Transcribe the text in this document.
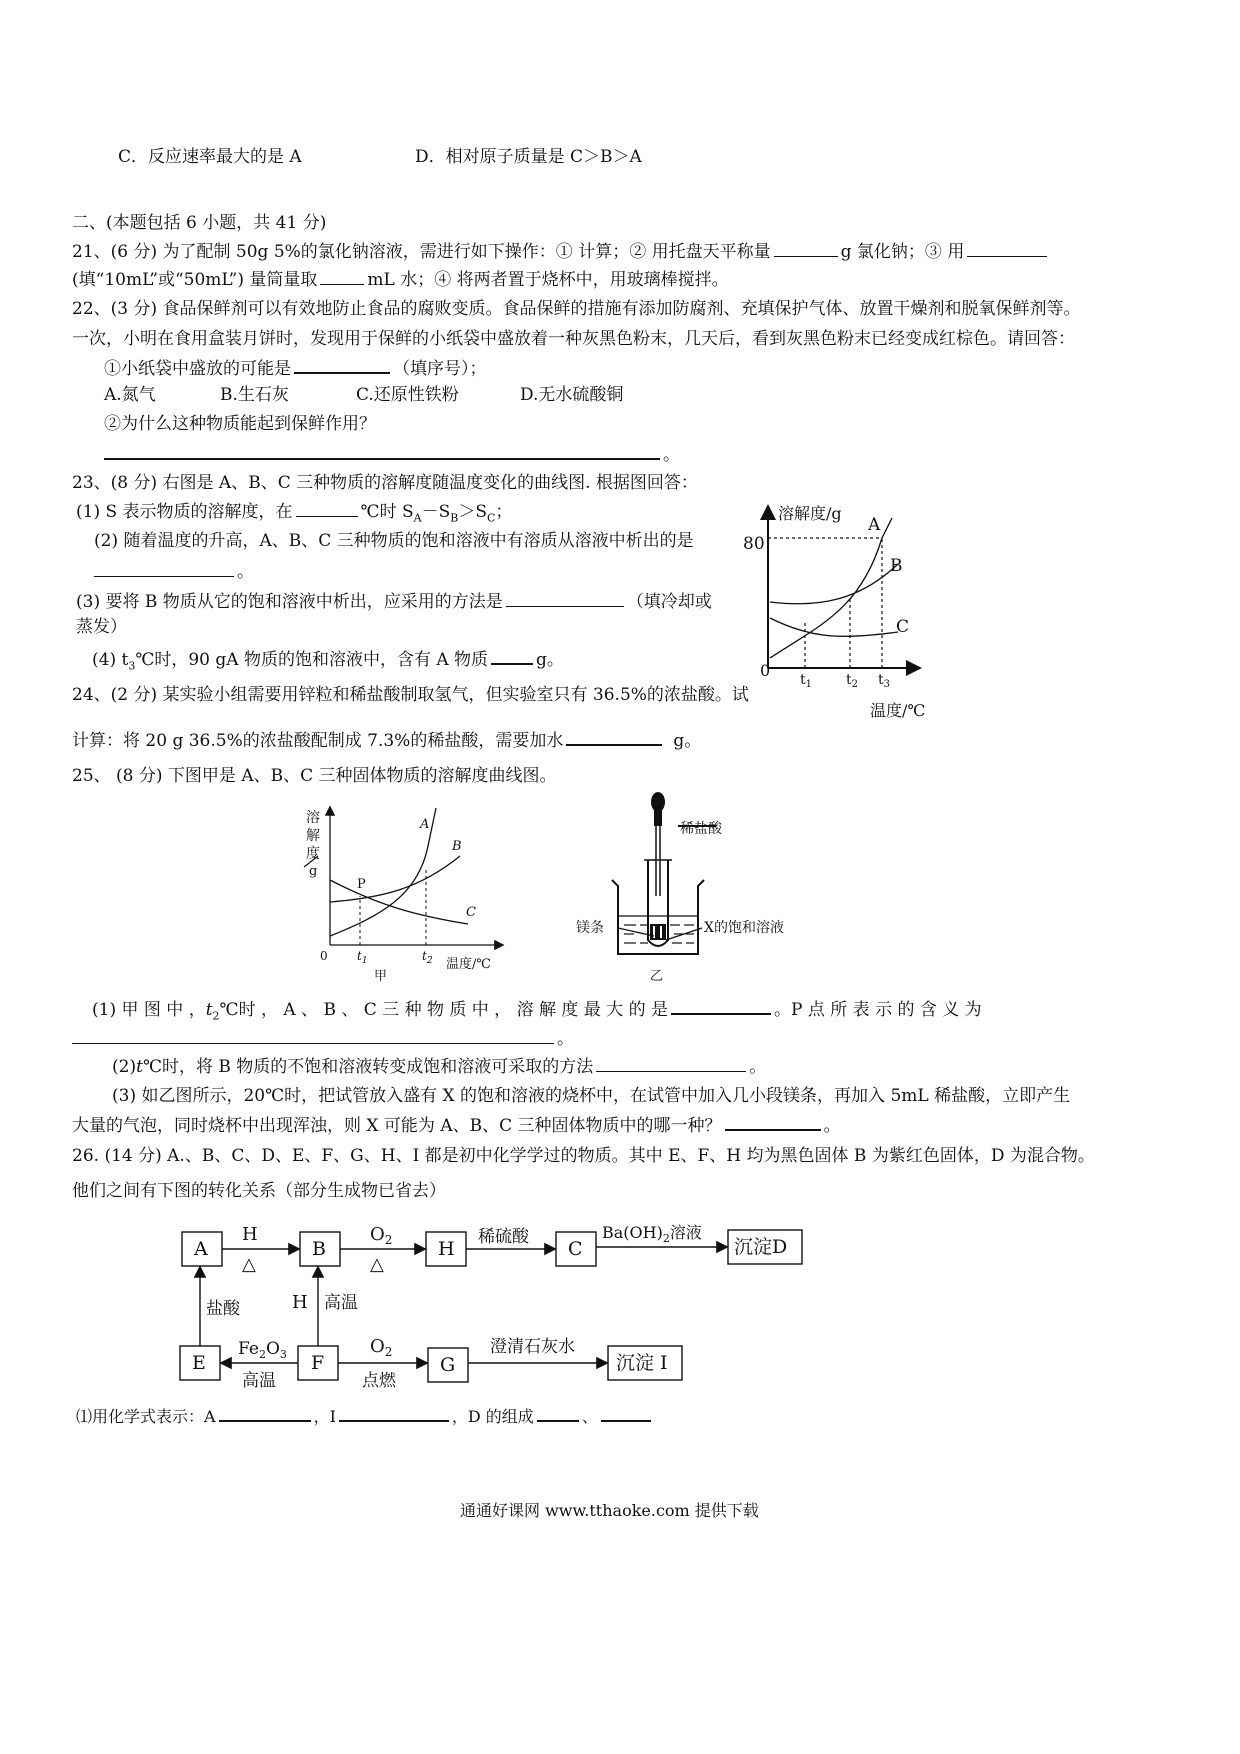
C．反应速率最大的是 A	D．相对原子质量是 C＞B＞A
二、(本题包括 6 小题，共 41 分)
21、(6 分) 为了配制 50g 5%的氯化钠溶液，需进行如下操作：① 计算；② 用托盘天平称量	g 氯化钠；③ 用
(填“10mL”或“50mL”) 量筒量取	mL 水；④ 将两者置于烧杯中，用玻璃棒搅拌。
22、(3 分) 食品保鲜剂可以有效地防止食品的腐败变质。食品保鲜的措施有添加防腐剂、充填保护气体、放置干燥剂和脱氧保鲜剂等。
一次，小明在食用盒装月饼时，发现用于保鲜的小纸袋中盛放着一种灰黑色粉末，几天后，看到灰黑色粉末已经变成红棕色。请回答：
①小纸袋中盛放的可能是	（填序号）；
A.氮气	B.生石灰	C.还原性铁粉	D.无水硫酸铜
②为什么这种物质能起到保鲜作用？
。
23、(8 分) 右图是 A、B、C 三种物质的溶解度随温度变化的曲线图. 根据图回答：
(1) S 表示物质的溶解度，在	℃时 $S_A-S_B>S_C$；
(2) 随着温度的升高，A、B、C 三种物质的饱和溶液中有溶质从溶液中析出的是
。
(3) 要将 B 物质从它的饱和溶液中析出，应采用的方法是	（填冷却或
蒸发）
(4) $t_3℃$时，90 gA 物质的饱和溶液中，含有 A 物质	g。
溶解度/g
80
0
A
B
C
$t_1$ $t_2$ $t_3$
温度/℃
24、(2 分) 某实验小组需要用锌粒和稀盐酸制取氢气，但实验室只有 36.5%的浓盐酸。试
计算：将 20 g 36.5%的浓盐酸配制成 7.3%的稀盐酸，需要加水	g。
25、 (8 分) 下图甲是 A、B、C 三种固体物质的溶解度曲线图。
溶
解
度
g
0
P
A
B
C
$t_1$	$t_2$ 温度/℃
甲
稀盐酸
镁条	X的饱和溶液
乙
(1) 甲 图 中 ，$t_2℃$时 ， A 、 B 、 C 三 种 物 质 中 ， 溶 解 度 最 大 的 是	。P 点 所 表 示 的 含 义 为
。
(2)t℃时，将 B 物质的不饱和溶液转变成饱和溶液可采取的方法	。
(3) 如乙图所示，20℃时，把试管放入盛有 X 的饱和溶液的烧杯中，在试管中加入几小段镁条，再加入 5mL 稀盐酸，立即产生
大量的气泡，同时烧杯中出现浑浊，则 X 可能为 A、B、C 三种固体物质中的哪一种？	。
26. (14 分) A.、B、C、D、E、F、G、H、I 都是初中化学学过的物质。其中 E、F、H 均为黑色固体 B 为紫红色固体，D 为混合物。
他们之间有下图的转化关系（部分生成物已省去）
A	B	H	C	沉淀D
E	F	G	沉淀 I
H
△
$O_2$
△
稀硫酸	$Ba(OH)_2$溶液
盐酸	H 高温
$Fe_2O_3$
高温
$O_2$
点燃
澄清石灰水
⑴用化学式表示：A	，I	，D 的组成	、
通通好课网 www.tthaoke.com 提供下载
